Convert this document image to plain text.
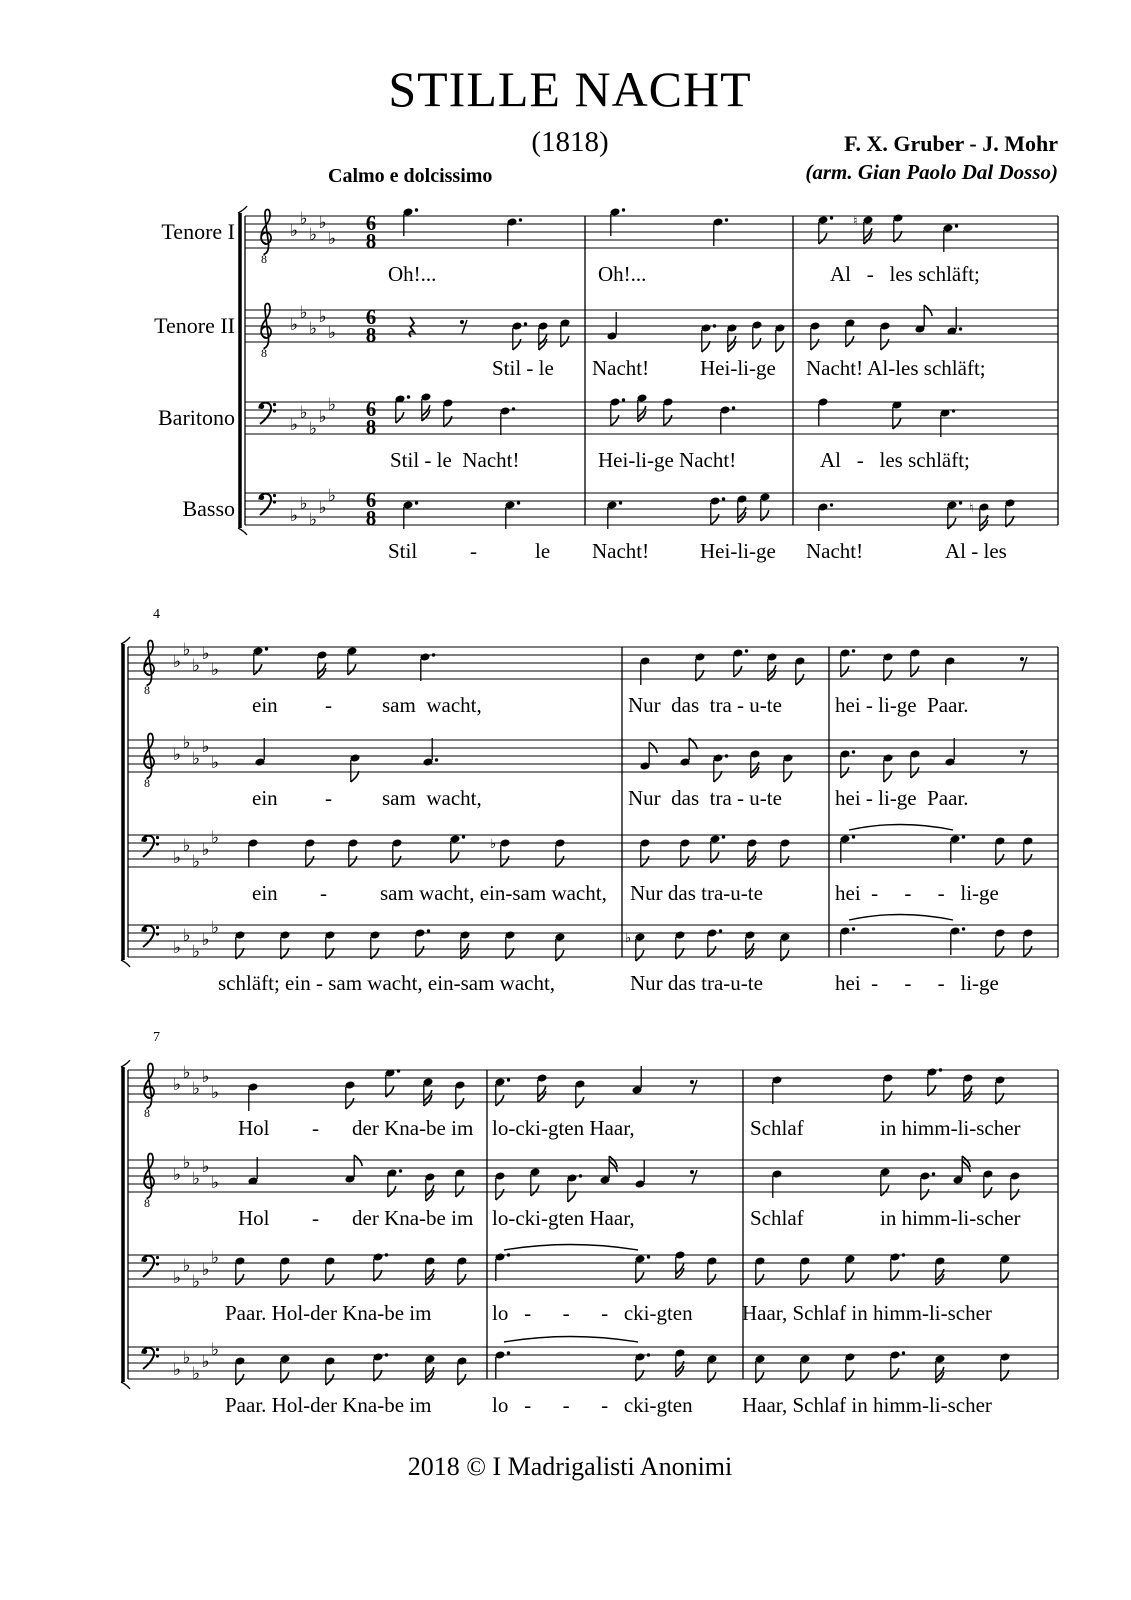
STILLE NACHT
(1818)	F. X. Gruber - J. Mohr
(arm. Gian Paolo Dal Dosso)
Calmo e dolcissimo
2018 © I Madrigalisti Anonimi
8
♭
♭
♭
♭
♭
6
8
♮
8
♭
♭
♭
♭
♭
6
8
♭
♭
♭
♭
♭ 6
8
♭
♭
♭
♭
♭ 6
8	♮
Tenore I
Oh!...	Oh!...	Al   -   les schläft;
Tenore II
Stil - le Nacht! Hei-li-ge Nacht! Al-les schläft;
Baritono
Stil - le  Nacht!	Hei-li-ge Nacht!	Al   -   les schläft;
Basso
Stil	-	le Nacht! Hei-li-ge Nacht!	Al - les
8
♭
♭
♭
♭
♭
8
♭
♭
♭
♭
♭
♭
♭
♭
♭
♭	♭
♭
♭
♭
♭
♭
♭
4
ein - sam  wacht,	Nur  das  tra - u-te	hei - li-ge  Paar.
ein - sam  wacht,	Nur  das  tra - u-te	hei - li-ge  Paar.
ein -	sam wacht, ein-sam wacht, Nur das tra-u-te	hei  -     -     -   li-ge
schläft; ein - sam wacht, ein-sam wacht,	Nur das tra-u-te	hei  -     -     -   li-ge
8
♭
♭
♭
♭
♭
8
♭
♭
♭
♭
♭
♭
♭
♭
♭
♭
♭
♭
♭
♭
♭
7
Hol - der Kna-be im lo-cki-gten Haar,	Schlaf	in himm-li-scher
Hol - der Kna-be im lo-cki-gten Haar,	Schlaf	in himm-li-scher
Paar. Hol-der Kna-be im	lo   -      -      -   cki-gten Haar, Schlaf in himm-li-scher
Paar. Hol-der Kna-be im	lo   -      -      -   cki-gten Haar, Schlaf in himm-li-scher
